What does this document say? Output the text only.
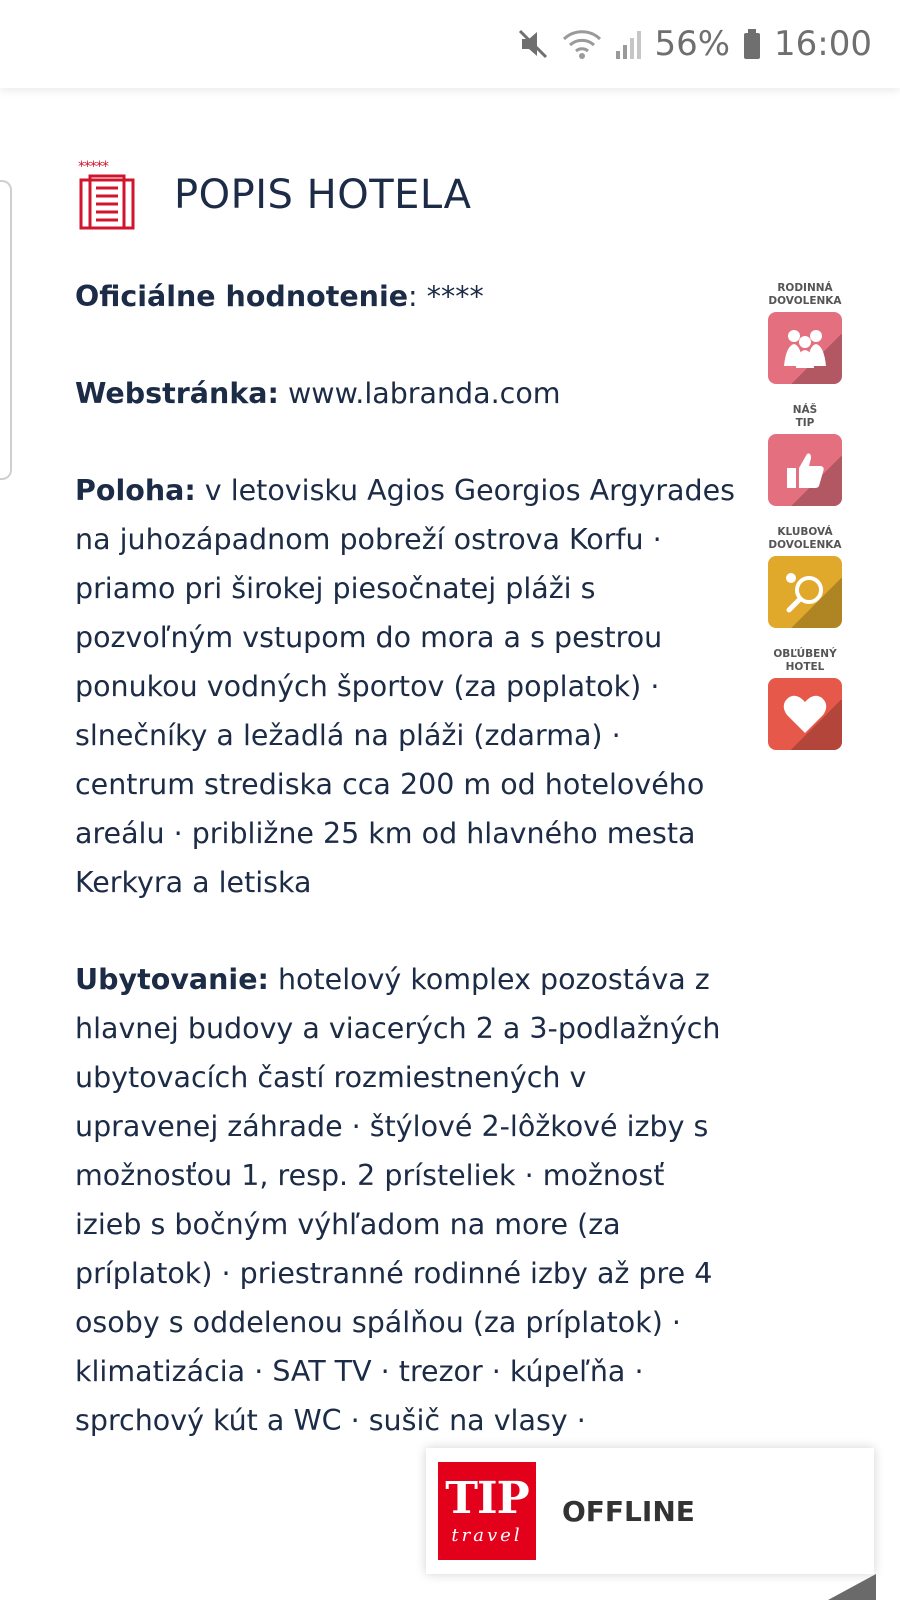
56% 16:00
*****
POPIS HOTELA

Oficiálne hodnotenie: ****

Webstránka: www.labranda.com

Poloha: v letovisku Agios Georgios Argyrades na juhozápadnom pobreží ostrova Korfu · priamo pri širokej piesočnatej pláži s pozvoľným vstupom do mora a s pestrou ponukou vodných športov (za poplatok) · slnečníky a ležadlá na pláži (zdarma) · centrum strediska cca 200 m od hotelového areálu · približne 25 km od hlavného mesta Kerkyra a letiska

Ubytovanie: hotelový komplex pozostáva z hlavnej budovy a viacerých 2 a 3-podlažných ubytovacích častí rozmiestnených v upravenej záhrade · štýlové 2-lôžkové izby s možnosťou 1, resp. 2 prísteliek · možnosť izieb s bočným výhľadom na more (za príplatok) · priestranné rodinné izby až pre 4 osoby s oddelenou spálňou (za príplatok) · klimatizácia · SAT TV · trezor · kúpeľňa · sprchový kút a WC · sušič na vlasy ·

RODINNÁ
DOVOLENKA
NÁŠ
TIP
KLUBOVÁ
DOVOLENKA
OBĽÚBENÝ
HOTEL
TIP
travel
OFFLINE
